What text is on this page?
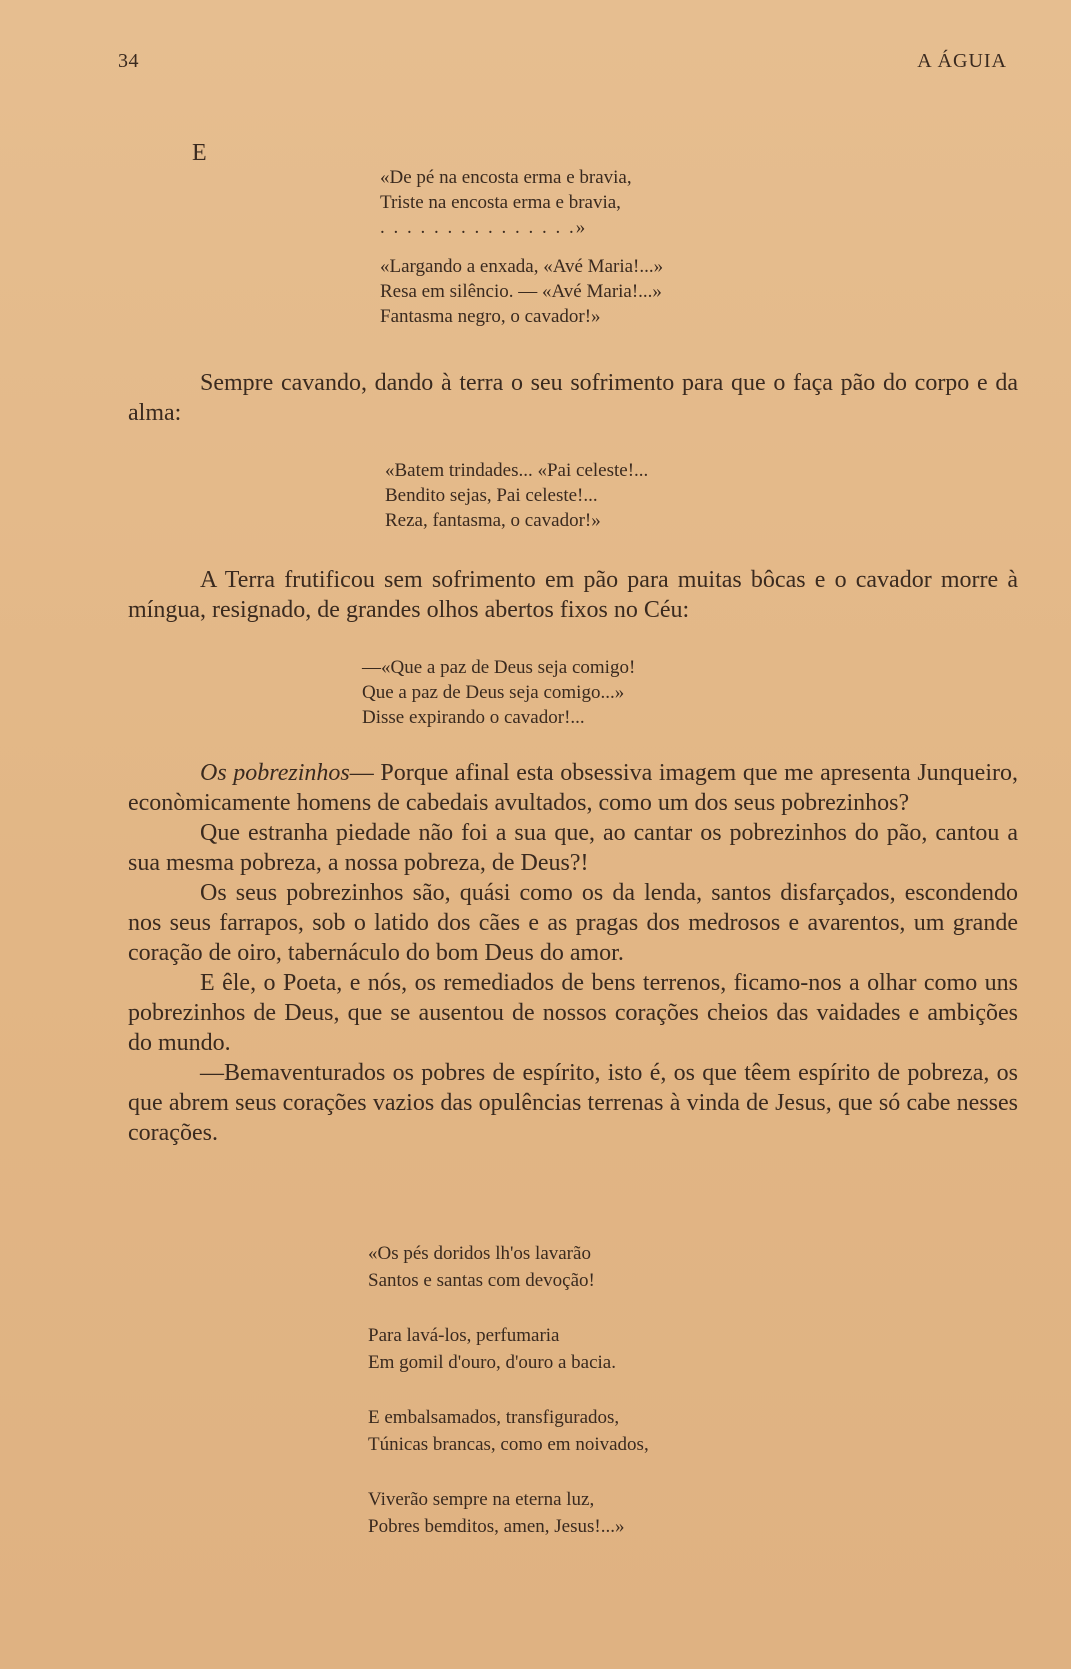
34	A ÁGUIA
E
«De pé na encosta erma e bravia,
Triste na encosta erma e bravia,
. . . . . . . . . . . . . . .»
«Largando a enxada, «Avé Maria!...»
Resa em silêncio. — «Avé Maria!...»
Fantasma negro, o cavador!»

Sempre cavando, dando à terra o seu sofrimento para que o faça pão do corpo e da alma:

«Batem trindades... «Pai celeste!...
Bendito sejas, Pai celeste!...
Reza, fantasma, o cavador!»

A Terra frutificou sem sofrimento em pão para muitas bôcas e o cavador morre à míngua, resignado, de grandes olhos abertos fixos no Céu:

—«Que a paz de Deus seja comigo!
Que a paz de Deus seja comigo...»
Disse expirando o cavador!...

Os pobrezinhos— Porque afinal esta obsessiva imagem que me apresenta Junqueiro, econòmicamente homens de cabedais avultados, como um dos seus pobrezinhos?

Que estranha piedade não foi a sua que, ao cantar os pobrezinhos do pão, cantou a sua mesma pobreza, a nossa pobreza, de Deus?!

Os seus pobrezinhos são, quási como os da lenda, santos disfarçados, escondendo nos seus farrapos, sob o latido dos cães e as pragas dos medrosos e avarentos, um grande coração de oiro, tabernáculo do bom Deus do amor.

E êle, o Poeta, e nós, os remediados de bens terrenos, ficamo-nos a olhar como uns pobrezinhos de Deus, que se ausentou de nossos corações cheios das vaidades e ambições do mundo.

—Bemaventurados os pobres de espírito, isto é, os que têem espírito de pobreza, os que abrem seus corações vazios das opulências terrenas à vinda de Jesus, que só cabe nesses corações.

«Os pés doridos lh'os lavarão
Santos e santas com devoção!
Para lavá-los, perfumaria
Em gomil d'ouro, d'ouro a bacia.
E embalsamados, transfigurados,
Túnicas brancas, como em noivados,
Viverão sempre na eterna luz,
Pobres bemditos, amen, Jesus!...»
